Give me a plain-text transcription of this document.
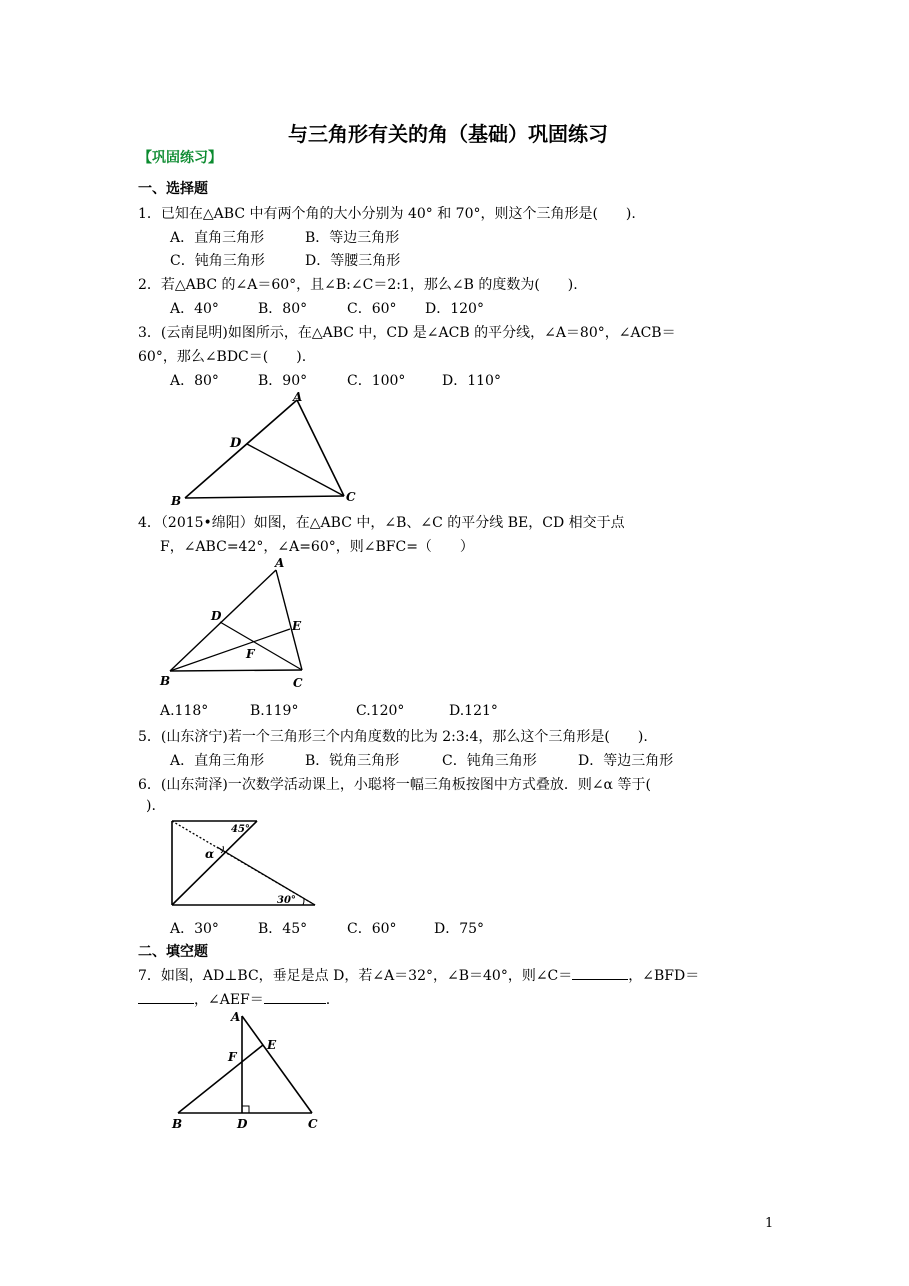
与三角形有关的角（基础）巩固练习
【巩固练习】
一、选择题
1．已知在△ABC 中有两个角的大小分别为 40° 和 70°，则这个三角形是(　　).
A．直角三角形	B．等边三角形
C．钝角三角形	D．等腰三角形
2．若△ABC 的∠A＝60°，且∠B:∠C＝2:1，那么∠B 的度数为(　　).
A．40°	B．80°	C．60° D．120°
3．(云南昆明)如图所示，在△ABC 中，CD 是∠ACB 的平分线，∠A＝80°，∠ACB＝
60°，那么∠BDC＝(　　).
A．80°	B．90°	C．100°	D．110°
A
D
B	C
4．（2015•绵阳）如图，在△ABC 中，∠B、∠C 的平分线 BE，CD 相交于点
F，∠ABC=42°，∠A=60°，则∠BFC=（　　）
A
D
E
F
B	C
A.118°	B.119°	C.120°	D.121°
5．(山东济宁)若一个三角形三个内角度数的比为 2:3:4，那么这个三角形是(　　).
A．直角三角形	B．锐角三角形	C．钝角三角形	D．等边三角形
6．(山东菏泽)一次数学活动课上，小聪将一幅三角板按图中方式叠放．则∠α 等于(
).
45°
α
30°
A．30°	B．45°	C．60°	D．75°
二、填空题
7．如图，AD⊥BC，垂足是点 D，若∠A＝32°，∠B＝40°，则∠C＝	，∠BFD＝
，∠AEF＝	.
A
E
F
B	D	C
1
